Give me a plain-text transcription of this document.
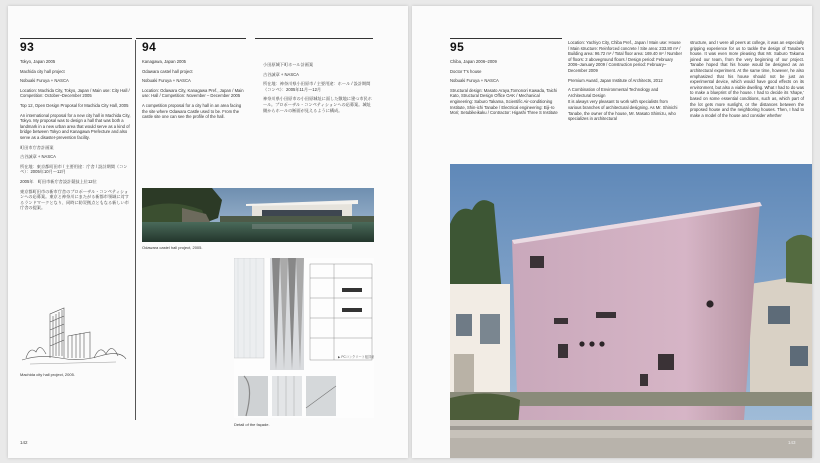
93

Tokyo, Japan 2005

Machida city hall project

Nobuaki Furuya + NASCA

Location: Machida City, Tokyo, Japan / Main use: City Hall / Competition: October–December 2005

Top 12, Open Design Proposal for Machida City Hall, 2005

An international proposal for a new city hall in Machida City, Tokyo. My proposal was to design a hall that was both a landmark in a new urban area that would serve as a kind of bridge between Tokyo and Kanagawa Prefecture and also serve as a disaster-prevention facility.

町田市庁舎計画案

古谷誠章 + NASCA

所在地：東京都町田市 / 主要用途：庁舎 / 設計期間（コンペ）：2005年10月〜12月

2005年　町田市新庁舎設計競技上位12位

東京都町田市の新市庁舎のプロポーザル・コンペティションへの応募案。東京と神奈川にまたがる新都市領域に対するランドマークとなり、同時に防災拠点ともなる新しい市庁舎の提案。

Machida city hall project, 2005.
94

Kanagawa, Japan 2005

Odawara castel hall project

Nobuaki Furuya + NASCA

Location: Odawara City, Kanagawa Pref., Japan / Main use: Hall / Competition: November – December 2005

A competition proposal for a city hall in an area facing the site where Odawara Castle used to be. From the castle site one can see the profile of the hall.

小田原城下町ホール計画案

古谷誠章 + NASCA

所在地：神奈川県小田原市 / 主要用途：ホール / 設計期間（コンペ）：2005年11月〜12月

神奈川県小田原市の小田原城址に面した敷地に建つ市民ホール。プロポーザル・コンペティションへの応募案。城址側からホールの断面が見えるように構成。

Odawara castel hall project, 2005.
▶ PCコンクリート板詳細
Detail of the façade.
142
95

Chiba, Japan 2006–2009

Doctor T's house

Nobuaki Furuya + NASCA

Structural design: Masato Araya,Tomonori Kawada, Taichi Kato, Structural Design Office OAK / Mechanical engineering: Saburo Takama, Scientific Air-conditioning Institute, Shin-ichi Tanabe / Electrical engineering: Eiji-ro Mori; Setubikeikaku / Contractor: Higashi Three S Institute

Location: Yachiyo City, Chiba Pref., Japan / Main use: House / Main structure: Reinforced concrete / Site area: 233.80 m² / Building area: 96.72 m² / Total floor area: 169.40 m² / Number of floors: 2 aboveground floors / Design period: February 2006–January 2009 / Construction period: February–December 2009

Premium Award, Japan Institute of Architects, 2012

A Combination of Environmental Technology and Architectural Design

It is always very pleasant to work with specialists from various branches of architectural designing. As Mr. Shinichi Tanabe, the owner of the house, Mr. Masato Shimizu, who specializes in architectural

structure, and I were all peers at college, it was an especially gripping experience for us to tackle the design of Tanabe's house. It was even more pleasing that Mr. Saburo Takama joined our team, from the very beginning of our project. Tanabe hoped that his house would be designed as an architectural experiment. At the same time, however, he also emphasized that his house should not be just an experimental device, which would have good effects on its environment, but also a viable dwelling. What I had to do was to make a blueprint of the house. I had to decide its 'shape,' based on some essential conditions, such as, which part of the lot gets more sunlight, or the distances between the proposed house and the neighboring houses. Then, I had to make a model of the house and consider whether

143
